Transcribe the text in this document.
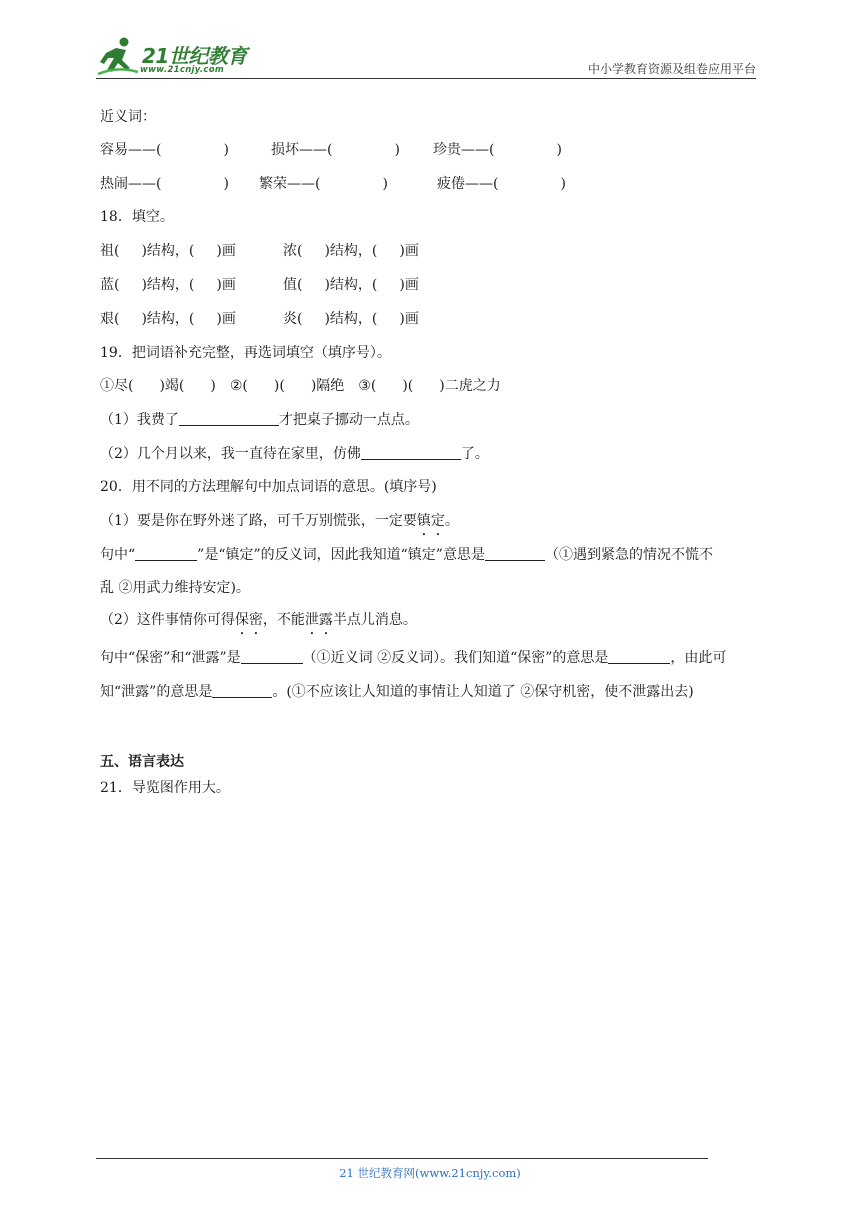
21世纪教育
www.21cnjy.com	中小学教育资源及组卷应用平台
近义词：
容易——(	)	损坏——(	) 珍贵——(	)
热闹——(	) 繁荣——(	)	疲倦——(	)
18．填空。
祖( )结构，( )画	浓( )结构，( )画
蓝( )结构，( )画	值( )结构，( )画
艰( )结构，( )画	炎( )结构，( )画
19．把词语补充完整，再选词填空（填序号）。
①尽( )竭( ) ②( )( )隔绝 ③( )( )二虎之力
（1）我费了	才把桌子挪动一点点。
（2）几个月以来，我一直待在家里，仿佛	了。
20．用不同的方法理解句中加点词语的意思。(填序号)
（1）要是你在野外迷了路，可千万别慌张，一定要镇定。
句中“	”是“镇定”的反义词，因此我知道“镇定”意思是	（①遇到紧急的情况不慌不
乱 ②用武力维持安定)。
（2）这件事情你可得保密，不能泄露半点儿消息。
句中“保密”和“泄露”是	（①近义词 ②反义词）。我们知道“保密”的意思是	，由此可
知“泄露”的意思是	。(①不应该让人知道的事情让人知道了 ②保守机密，使不泄露出去)
五、语言表达
21．导览图作用大。
21 世纪教育网(www.21cnjy.com)
